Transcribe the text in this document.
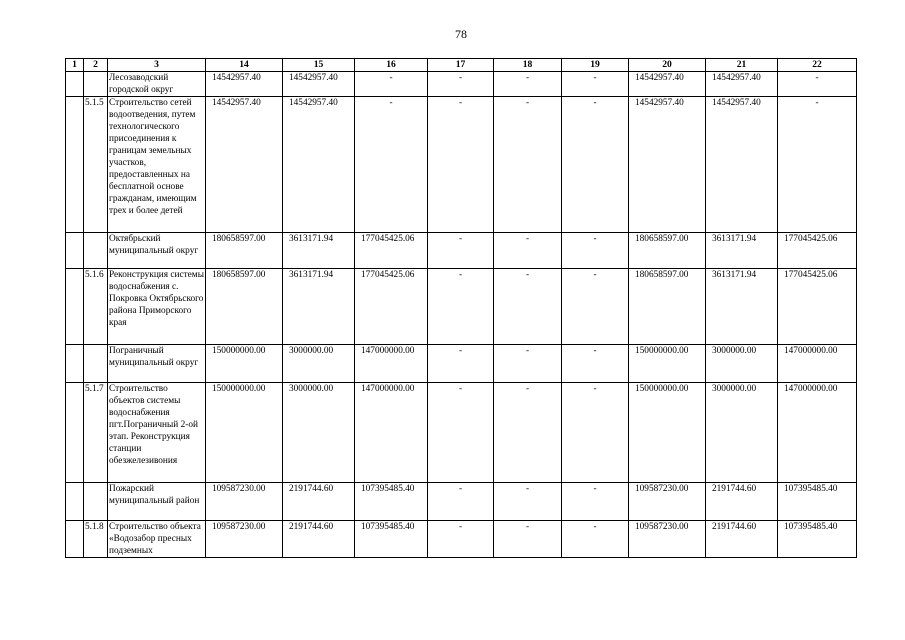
78
1	2	3	14	15	16	17	18	19	20	21	22
		Лесозаводский городской округ	14542957.40	14542957.40	-	-	-	-	14542957.40	14542957.40	-
	5.1.5	Строительство сетей водоотведения, путем технологического присоединения к границам земельных участков, предоставленных на бесплатной основе гражданам, имеющим трех и более детей	14542957.40	14542957.40	-	-	-	-	14542957.40	14542957.40	-
		Октябрьский муниципальный округ	180658597.00	3613171.94	177045425.06	-	-	-	180658597.00	3613171.94	177045425.06
	5.1.6	Реконструкция системы водоснабжения с. Покровка Октябрьского района Приморского края	180658597.00	3613171.94	177045425.06	-	-	-	180658597.00	3613171.94	177045425.06
		Пограничный муниципальный округ	150000000.00	3000000.00	147000000.00	-	-	-	150000000.00	3000000.00	147000000.00
	5.1.7	Строительство объектов системы водоснабжения пгт.Пограничный 2-ой этап. Реконструкция станции обезжелезивония	150000000.00	3000000.00	147000000.00	-	-	-	150000000.00	3000000.00	147000000.00
		Пожарский муниципальный район	109587230.00	2191744.60	107395485.40	-	-	-	109587230.00	2191744.60	107395485.40
	5.1.8	Строительство объекта «Водозабор пресных подземных	109587230.00	2191744.60	107395485.40	-	-	-	109587230.00	2191744.60	107395485.40
